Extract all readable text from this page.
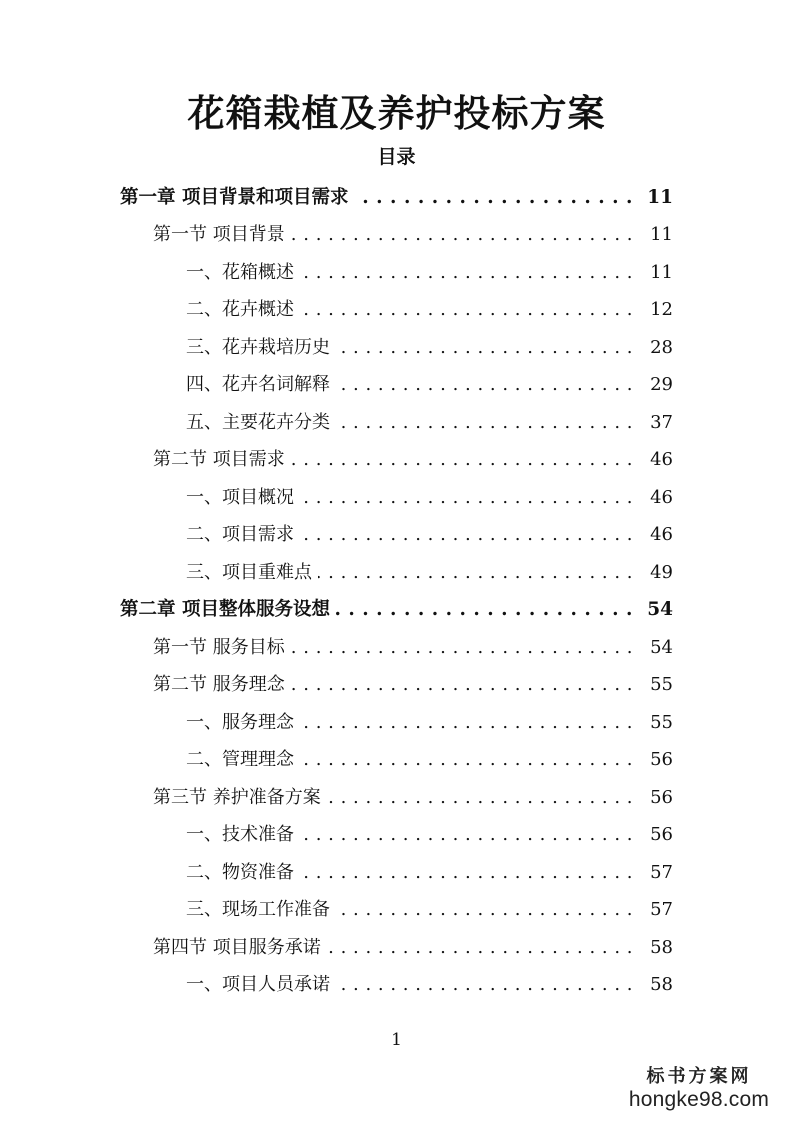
花箱栽植及养护投标方案
目录
第一章 项目背景和项目需求 . . .	11
第一节 项目背景 . . .	11
一、花箱概述 . . .	11
二、花卉概述 . . .	12
三、花卉栽培历史 . . .	28
四、花卉名词解释 . . .	29
五、主要花卉分类 . . .	37
第二节 项目需求 . . .	46
一、项目概况 . . .	46
二、项目需求 . . .	46
三、项目重难点 . . .	49
第二章 项目整体服务设想 . . .	54
第一节 服务目标 . . .	54
第二节 服务理念 . . .	55
一、服务理念 . . .	55
二、管理理念 . . .	56
第三节 养护准备方案 . . .	56
一、技术准备 . . .	56
二、物资准备 . . .	57
三、现场工作准备 . . .	57
第四节 项目服务承诺 . . .	58
一、项目人员承诺 . . .	58
1
标书方案网
hongke98.com
